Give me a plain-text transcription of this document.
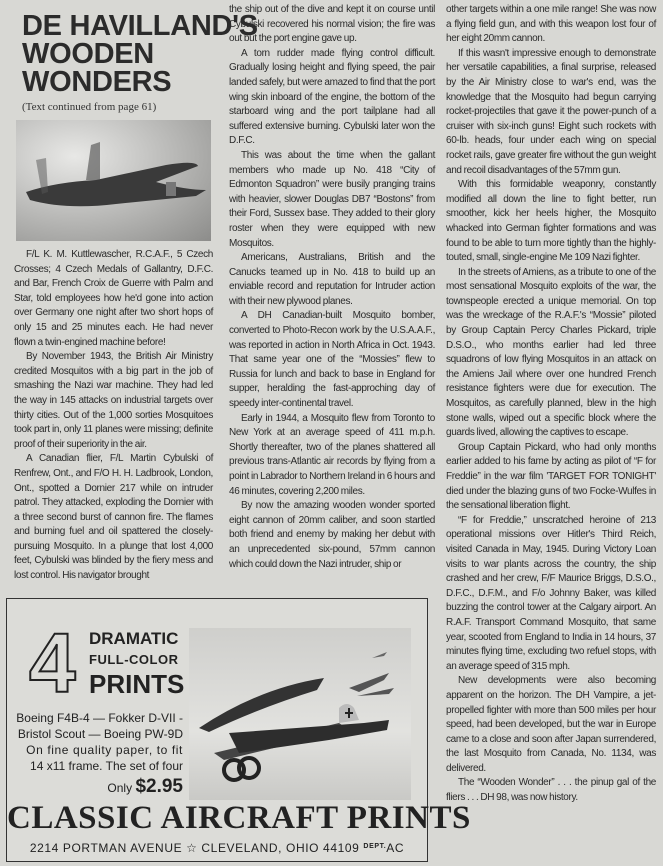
DE HAVILLAND'S
WOODEN
WONDERS
(Text continued from page 61)

F/L K. M. Kuttlewascher, R.C.A.F., 5 Czech Crosses; 4 Czech Medals of Gallantry, D.F.C. and Bar, French Croix de Guerre with Palm and Star, told employees how he'd gone into action over Germany one night after two short hops of only 15 and 25 minutes each. He had never flown a twin-engined machine before!

By November 1943, the British Air Ministry credited Mosquitos with a big part in the job of smashing the Nazi war machine. They had led the way in 145 attacks on industrial targets over thirty cities. Out of the 1,000 sorties Mosquitoes took part in, only 11 planes were missing; definite proof of their superiority in the air.

A Canadian flier, F/L Martin Cybulski of Renfrew, Ont., and F/O H. H. Ladbrook, London, Ont., spotted a Dornier 217 while on intruder patrol. They attacked, exploding the Dornier with a three second burst of cannon fire. The flames and burning fuel and oil spattered the closely-pursuing Mosquito. In a plunge that lost 4,000 feet, Cybulski was blinded by the fiery mess and lost control. His navigator brought

the ship out of the dive and kept it on course until Cybulski recovered his normal vision; the fire was out but the port engine gave up.

A torn rudder made flying control difficult. Gradually losing height and flying speed, the pair landed safely, but were amazed to find that the port wing skin inboard of the engine, the bottom of the starboard wing and the port tailplane had all suffered extensive burning. Cybulski later won the D.F.C.

This was about the time when the gallant members who made up No. 418 “City of Edmonton Squadron” were busily pranging trains with heavier, slower Douglas DB7 “Bostons” from their Ford, Sussex base. They added to their glory roster when they were equipped with new Mosquitos.

Americans, Australians, British and the Canucks teamed up in No. 418 to build up an enviable record and reputation for Intruder action with their new plywood planes.

A DH Canadian-built Mosquito bomber, converted to Photo-Recon work by the U.S.A.A.F., was reported in action in North Africa in Oct. 1943. That same year one of the “Mossies” flew to Russia for lunch and back to base in England for supper, heralding the fast-approching day of speedy inter-continental travel.

Early in 1944, a Mosquito flew from Toronto to New York at an average speed of 411 m.p.h. Shortly thereafter, two of the planes shattered all previous trans-Atlantic air records by flying from a point in Labrador to Northern Ireland in 6 hours and 46 minutes, covering 2,200 miles.

By now the amazing wooden wonder sported eight cannon of 20mm caliber, and soon startled both friend and enemy by making her debut with an unprecedented six-pound, 57mm cannon which could down the Nazi intruder, ship or

other targets within a one mile range! She was now a flying field gun, and with this weapon lost four of her eight 20mm cannon.

If this wasn't impressive enough to demonstrate her versatile capabilities, a final surprise, released by the Air Ministry close to war's end, was the knowledge that the Mosquito had begun carrying rocket-projectiles that gave it the power-punch of a cruiser with six-inch guns! Eight such rockets with 60-lb. heads, four under each wing on special rocket rails, gave greater fire without the gun weight and recoil disadvantages of the 57mm gun.

With this formidable weaponry, constantly modified all down the line to fight better, run smoother, kick her heels higher, the Mosquito whacked into German fighter formations and was found to be able to turn more tightly than the highly-touted, small, single-engine Me 109 Nazi fighter.

In the streets of Amiens, as a tribute to one of the most sensational Mosquito exploits of the war, the townspeople erected a unique memorial. On top was the wreckage of the R.A.F.'s “Mossie” piloted by Group Captain Percy Charles Pickard, triple D.S.O., who months earlier had led three squadrons of low flying Mosquitos in an attack on the Amiens Jail where over one hundred French resistance fighters were due for execution. The Mosquitos, as carefully planned, blew in the high stone walls, wiped out a specific block where the guards lived, allowing the captives to escape.

Group Captain Pickard, who had only months earlier added to his fame by acting as pilot of “F for Freddie” in the war film 'TARGET FOR TONIGHT' died under the blazing guns of two Focke-Wulfes in the sensational liberation flight.

“F for Freddie,” unscratched heroine of 213 operational missions over Hitler's Third Reich, visited Canada in May, 1945. During Victory Loan visits to war plants across the country, the ship crashed and her crew, F/F Maurice Briggs, D.S.O., D.F.C., D.F.M., and F/o Johnny Baker, was killed buzzing the control tower at the Calgary airport. An R.A.F. Transport Command Mosquito, that same year, scooted from England to India in 14 hours, 37 minutes flying time, excluding two refuel stops, with an average speed of 315 mph.

New developments were also becoming apparent on the horizon. The DH Vampire, a jet-propelled fighter with more than 500 miles per hour speed, had been developed, but the war in Europe came to a close and soon after Japan surrendered, the last Mosquito from Canada, No. 1134, was delivered.

The “Wooden Wonder” . . . the pinup gal of the fliers . . . DH 98, was now history.

4 DRAMATIC
FULL-COLOR
PRINTS
Boeing F4B-4 — Fokker D-VII -
Bristol Scout — Boeing PW-9D
On fine quality paper, to fit
14 x11 frame. The set of four
Only $2.95
CLASSIC AIRCRAFT PRINTS
2214 PORTMAN AVENUE ☆ CLEVELAND, OHIO 44109 $^{DEPT.}$AC
